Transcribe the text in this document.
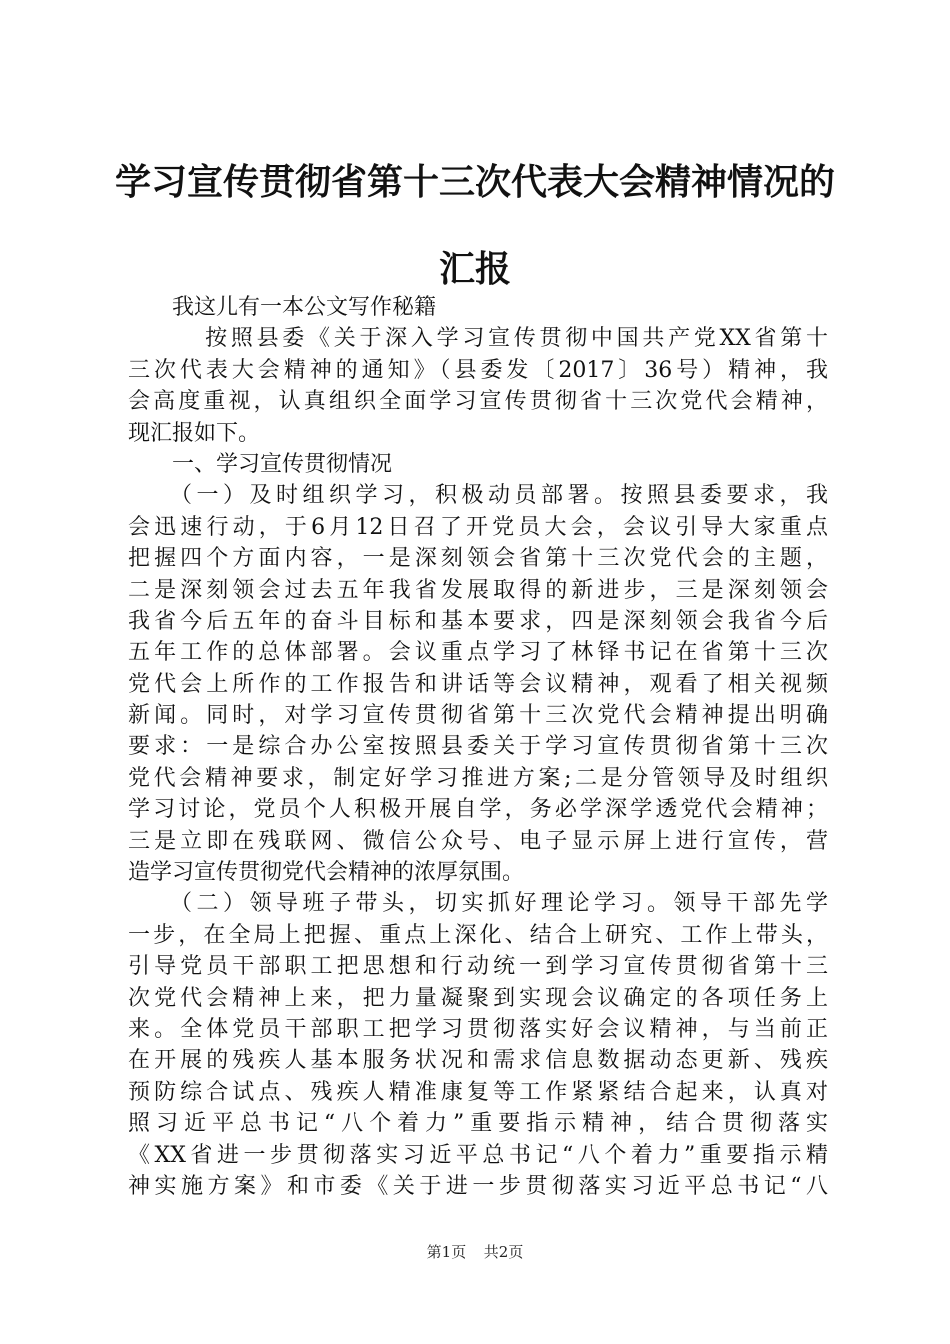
学习宣传贯彻省第十三次代表大会精神情况的
汇报
　　我这儿有一本公文写作秘籍
　　　按照县委《关于深入学习宣传贯彻中国共产党XX省第十
三次代表大会精神的通知》（县委发〔2017〕36号）精神，我
会高度重视，认真组织全面学习宣传贯彻省十三次党代会精神，
现汇报如下。
　　一、学习宣传贯彻情况
　　（一）及时组织学习，积极动员部署。按照县委要求，我
会迅速行动，于6月12日召了开党员大会，会议引导大家重点
把握四个方面内容，一是深刻领会省第十三次党代会的主题，
二是深刻领会过去五年我省发展取得的新进步，三是深刻领会
我省今后五年的奋斗目标和基本要求，四是深刻领会我省今后
五年工作的总体部署。会议重点学习了林铎书记在省第十三次
党代会上所作的工作报告和讲话等会议精神，观看了相关视频
新闻。同时，对学习宣传贯彻省第十三次党代会精神提出明确
要求：一是综合办公室按照县委关于学习宣传贯彻省第十三次
党代会精神要求，制定好学习推进方案;二是分管领导及时组织
学习讨论，党员个人积极开展自学，务必学深学透党代会精神；
三是立即在残联网、微信公众号、电子显示屏上进行宣传，营
造学习宣传贯彻党代会精神的浓厚氛围。
　　（二）领导班子带头，切实抓好理论学习。领导干部先学
一步，在全局上把握、重点上深化、结合上研究、工作上带头，
引导党员干部职工把思想和行动统一到学习宣传贯彻省第十三
次党代会精神上来，把力量凝聚到实现会议确定的各项任务上
来。全体党员干部职工把学习贯彻落实好会议精神，与当前正
在开展的残疾人基本服务状况和需求信息数据动态更新、残疾
预防综合试点、残疾人精准康复等工作紧紧结合起来，认真对
照习近平总书记“八个着力”重要指示精神，结合贯彻落实
《XX省进一步贯彻落实习近平总书记“八个着力”重要指示精
神实施方案》和市委《关于进一步贯彻落实习近平总书记“八
第1页 共2页
